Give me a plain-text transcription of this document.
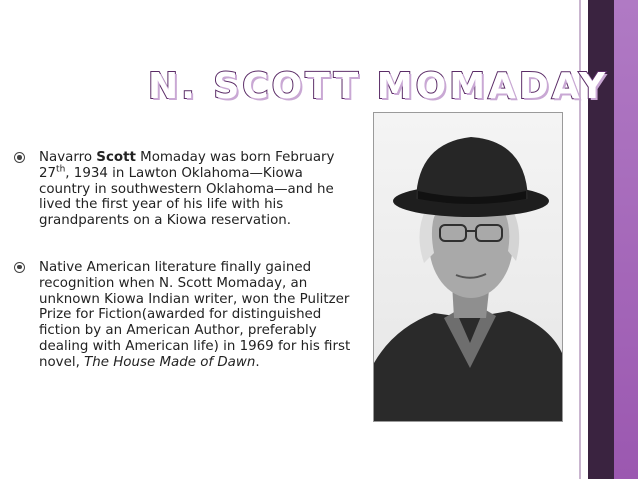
N. SCOTT MOMADAY
Navarro Scott Momaday was born February 27th, 1934 in Lawton Oklahoma—Kiowa country in southwestern Oklahoma—and he lived the first year of his life with his grandparents on a Kiowa reservation.
Native American literature finally gained recognition when N. Scott Momaday, an unknown Kiowa Indian writer, won the Pulitzer Prize for Fiction(awarded for distinguished fiction by an American Author, preferably dealing with American life) in 1969 for his first novel, The House Made of Dawn.
